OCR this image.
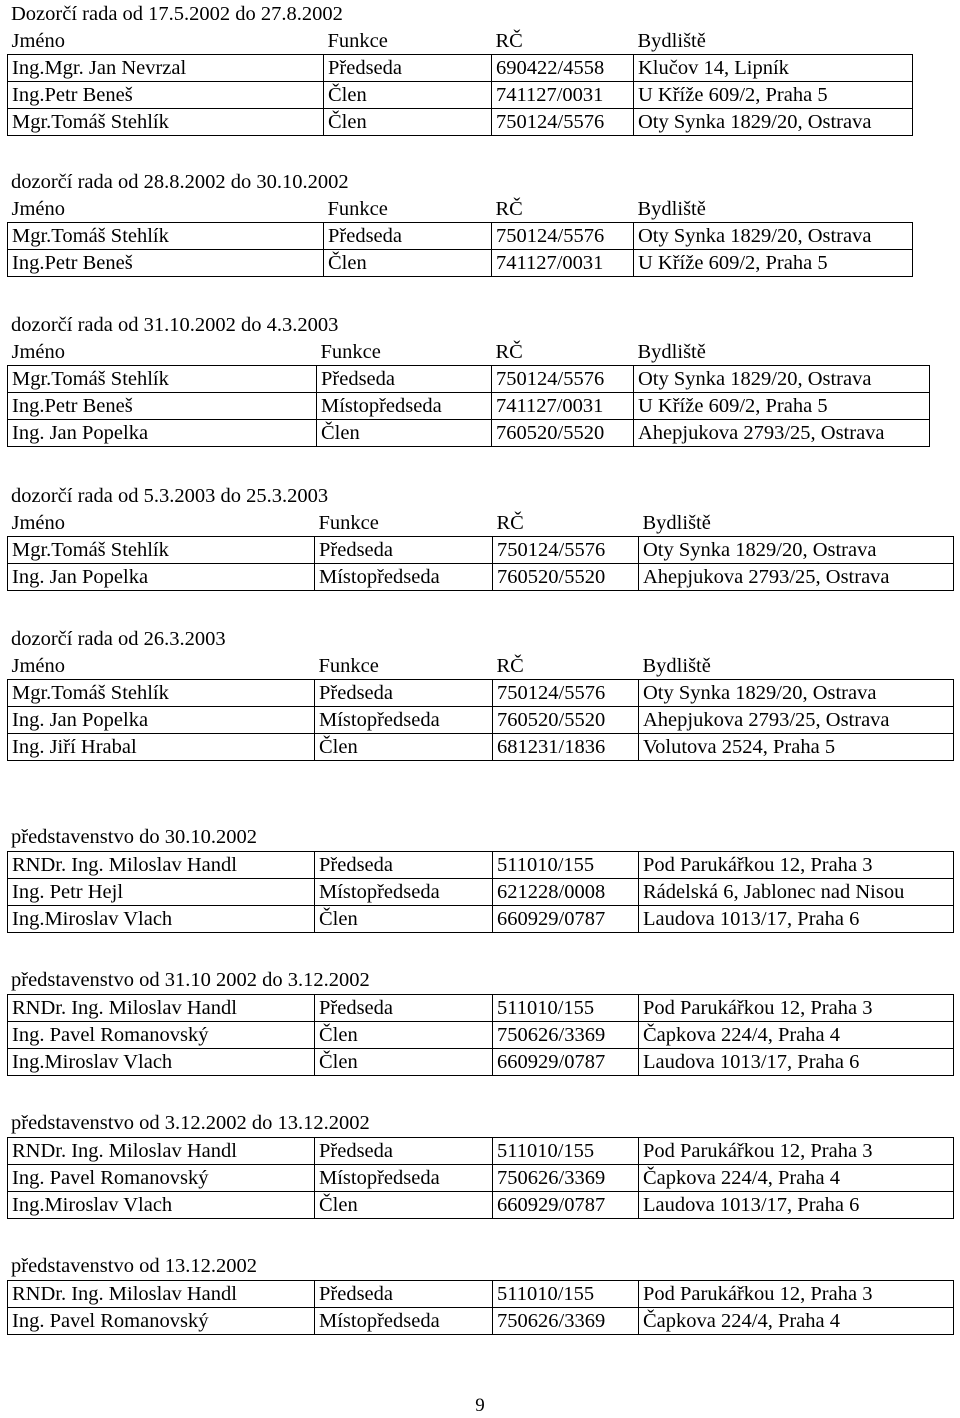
Dozorčí rada od 17.5.2002 do 27.8.2002
Jméno	Funkce	RČ	Bydliště
Ing.Mgr. Jan Nevrzal	Předseda	690422/4558	Klučov 14, Lipník
Ing.Petr Beneš	Člen	741127/0031	U Kříže 609/2, Praha 5
Mgr.Tomáš Stehlík	Člen	750124/5576	Oty Synka 1829/20, Ostrava
dozorčí rada od 28.8.2002 do 30.10.2002
Jméno	Funkce	RČ	Bydliště
Mgr.Tomáš Stehlík	Předseda	750124/5576	Oty Synka 1829/20, Ostrava
Ing.Petr Beneš	Člen	741127/0031	U Kříže 609/2, Praha 5
dozorčí rada od 31.10.2002 do 4.3.2003
Jméno	Funkce	RČ	Bydliště
Mgr.Tomáš Stehlík	Předseda	750124/5576	Oty Synka 1829/20, Ostrava
Ing.Petr Beneš	Místopředseda	741127/0031	U Kříže 609/2, Praha 5
Ing. Jan Popelka	Člen	760520/5520	Ahepjukova 2793/25, Ostrava
dozorčí rada od 5.3.2003 do 25.3.2003
Jméno	Funkce	RČ	Bydliště
Mgr.Tomáš Stehlík	Předseda	750124/5576	Oty Synka 1829/20, Ostrava
Ing. Jan Popelka	Místopředseda	760520/5520	Ahepjukova 2793/25, Ostrava
dozorčí rada od 26.3.2003
Jméno	Funkce	RČ	Bydliště
Mgr.Tomáš Stehlík	Předseda	750124/5576	Oty Synka 1829/20, Ostrava
Ing. Jan Popelka	Místopředseda	760520/5520	Ahepjukova 2793/25, Ostrava
Ing. Jiří Hrabal	Člen	681231/1836	Volutova 2524, Praha 5
představenstvo do 30.10.2002
RNDr. Ing. Miloslav Handl	Předseda	511010/155	Pod Parukářkou 12, Praha 3
Ing. Petr Hejl	Místopředseda	621228/0008	Rádelská 6, Jablonec nad Nisou
Ing.Miroslav Vlach	Člen	660929/0787	Laudova 1013/17, Praha 6
představenstvo od 31.10 2002 do 3.12.2002
RNDr. Ing. Miloslav Handl	Předseda	511010/155	Pod Parukářkou 12, Praha 3
Ing. Pavel Romanovský	Člen	750626/3369	Čapkova 224/4, Praha 4
Ing.Miroslav Vlach	Člen	660929/0787	Laudova 1013/17, Praha 6
představenstvo od 3.12.2002 do 13.12.2002
RNDr. Ing. Miloslav Handl	Předseda	511010/155	Pod Parukářkou 12, Praha 3
Ing. Pavel Romanovský	Místopředseda	750626/3369	Čapkova 224/4, Praha 4
Ing.Miroslav Vlach	Člen	660929/0787	Laudova 1013/17, Praha 6
představenstvo od 13.12.2002
RNDr. Ing. Miloslav Handl	Předseda	511010/155	Pod Parukářkou 12, Praha 3
Ing. Pavel Romanovský	Místopředseda	750626/3369	Čapkova 224/4, Praha 4
9
